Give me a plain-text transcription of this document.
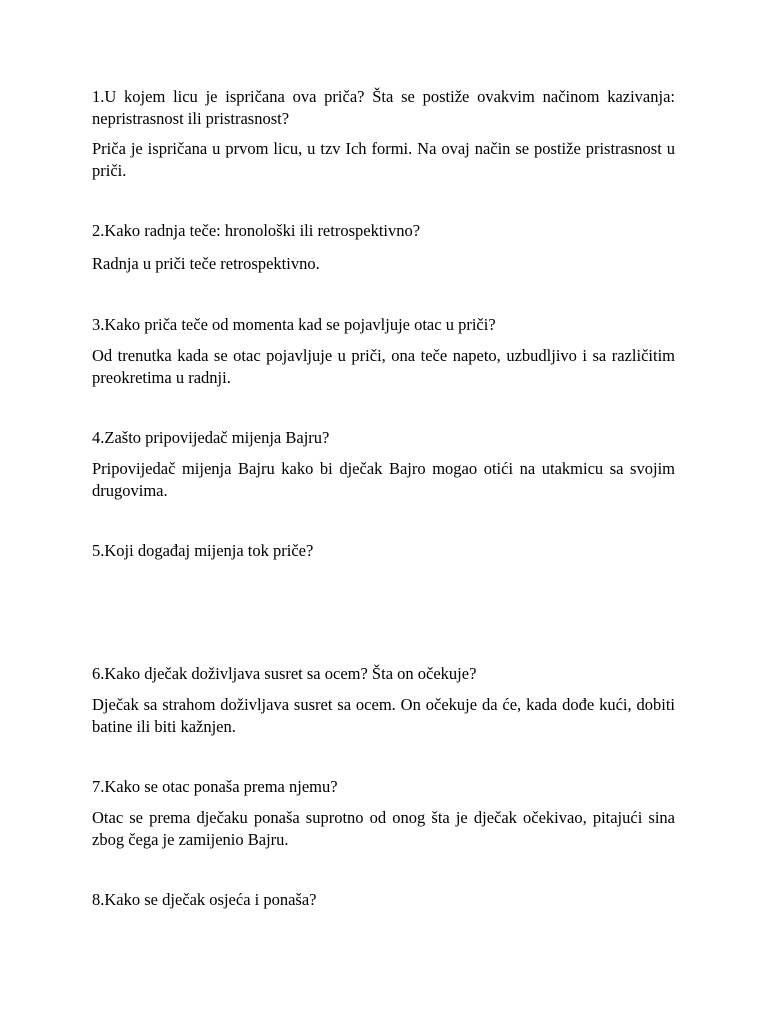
1.U kojem licu je ispričana ova priča? Šta se postiže ovakvim načinom kazivanja: nepristrasnost ili pristrasnost?

Priča je ispričana u prvom licu, u tzv Ich formi. Na ovaj način se postiže pristrasnost u priči.

2.Kako radnja teče: hronološki ili retrospektivno?

Radnja u priči teče retrospektivno.

3.Kako priča teče od momenta kad se pojavljuje otac u priči?

Od trenutka kada se otac pojavljuje u priči, ona teče napeto, uzbudljivo i sa različitim preokretima u radnji.

4.Zašto pripovijedač mijenja Bajru?

Pripovijedač mijenja Bajru kako bi dječak Bajro mogao otići na utakmicu sa svojim drugovima.

5.Koji događaj mijenja tok priče?

6.Kako dječak doživljava susret sa ocem? Šta on očekuje?

Dječak sa strahom doživljava susret sa ocem. On očekuje da će, kada dođe kući, dobiti batine ili biti kažnjen.

7.Kako se otac ponaša prema njemu?

Otac se prema dječaku ponaša suprotno od onog šta je dječak očekivao, pitajući sina zbog čega je zamijenio Bajru.

8.Kako se dječak osjeća i ponaša?
